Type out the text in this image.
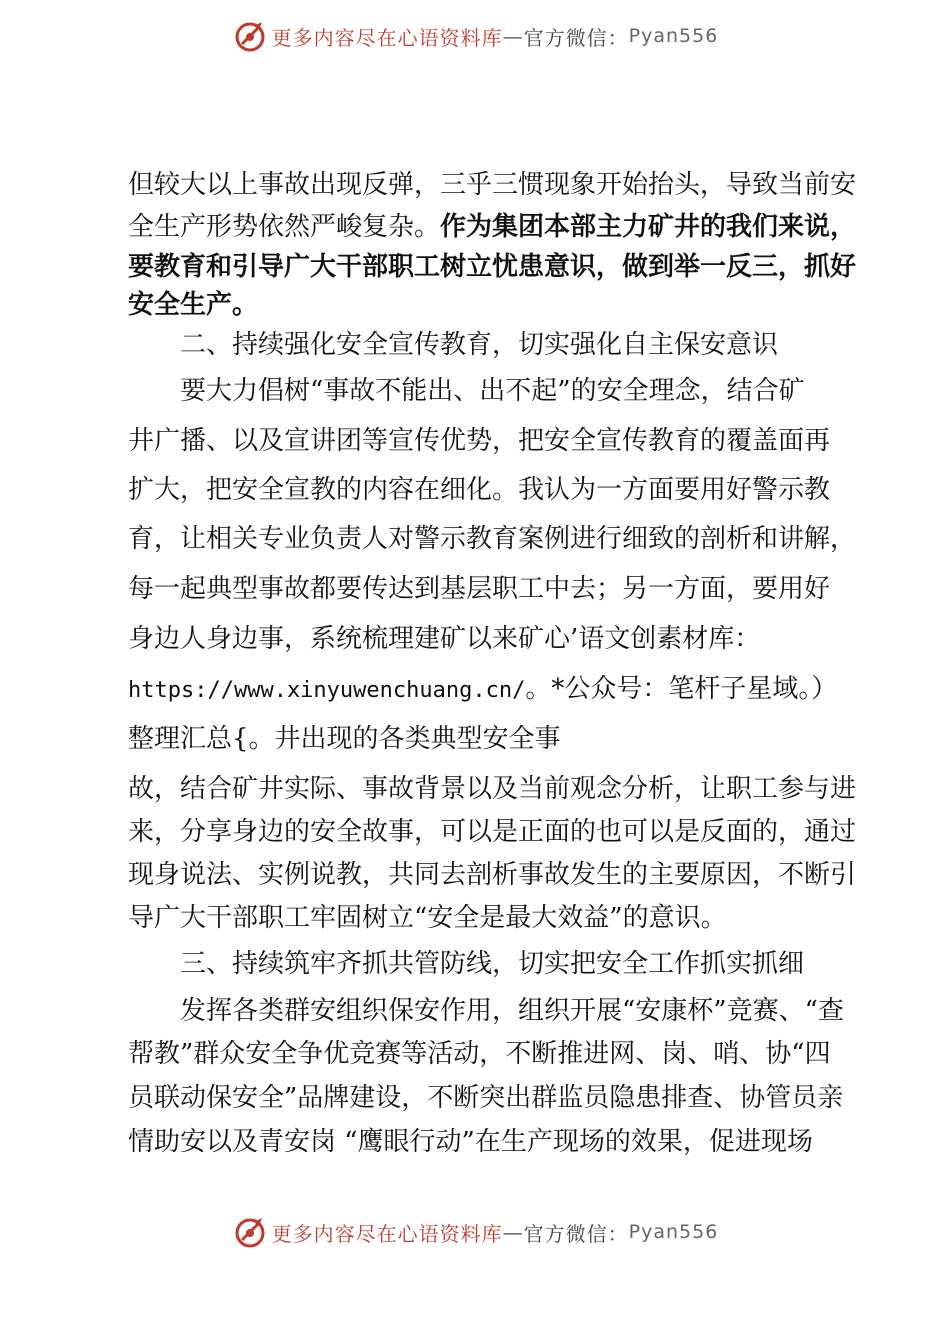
更多内容尽在心语资料库 — 官方微信： Pyan556
但较大以上事故出现反弹，三乎三惯现象开始抬头，导致当前安
全生产形势依然严峻复杂。作为集团本部主力矿井的我们来说，
要教育和引导广大干部职工树立忧患意识，做到举一反三，抓好
安全生产。
二、持续强化安全宣传教育，切实强化自主保安意识
要大力倡树“事故不能出、出不起”的安全理念，结合矿
井广播、以及宣讲团等宣传优势，把安全宣传教育的覆盖面再
扩大，把安全宣教的内容在细化。我认为一方面要用好警示教
育，让相关专业负责人对警示教育案例进行细致的剖析和讲解，
每一起典型事故都要传达到基层职工中去；另一方面，要用好
身边人身边事，系统梳理建矿以来矿心’语文创素材库：
https://www.xinyuwenchuang.cn/。*公众号：笔杆子星域。）
整理汇总{。井出现的各类典型安全事
故，结合矿井实际、事故背景以及当前观念分析，让职工参与进
来，分享身边的安全故事，可以是正面的也可以是反面的，通过
现身说法、实例说教，共同去剖析事故发生的主要原因，不断引
导广大干部职工牢固树立“安全是最大效益”的意识。
三、持续筑牢齐抓共管防线，切实把安全工作抓实抓细
发挥各类群安组织保安作用，组织开展“安康杯”竞赛、“查
帮教”群众安全争优竞赛等活动，不断推进网、岗、哨、协“四
员联动保安全”品牌建设，不断突出群监员隐患排查、协管员亲
情助安以及青安岗 “鹰眼行动”在生产现场的效果，促进现场
更多内容尽在心语资料库 — 官方微信： Pyan556
